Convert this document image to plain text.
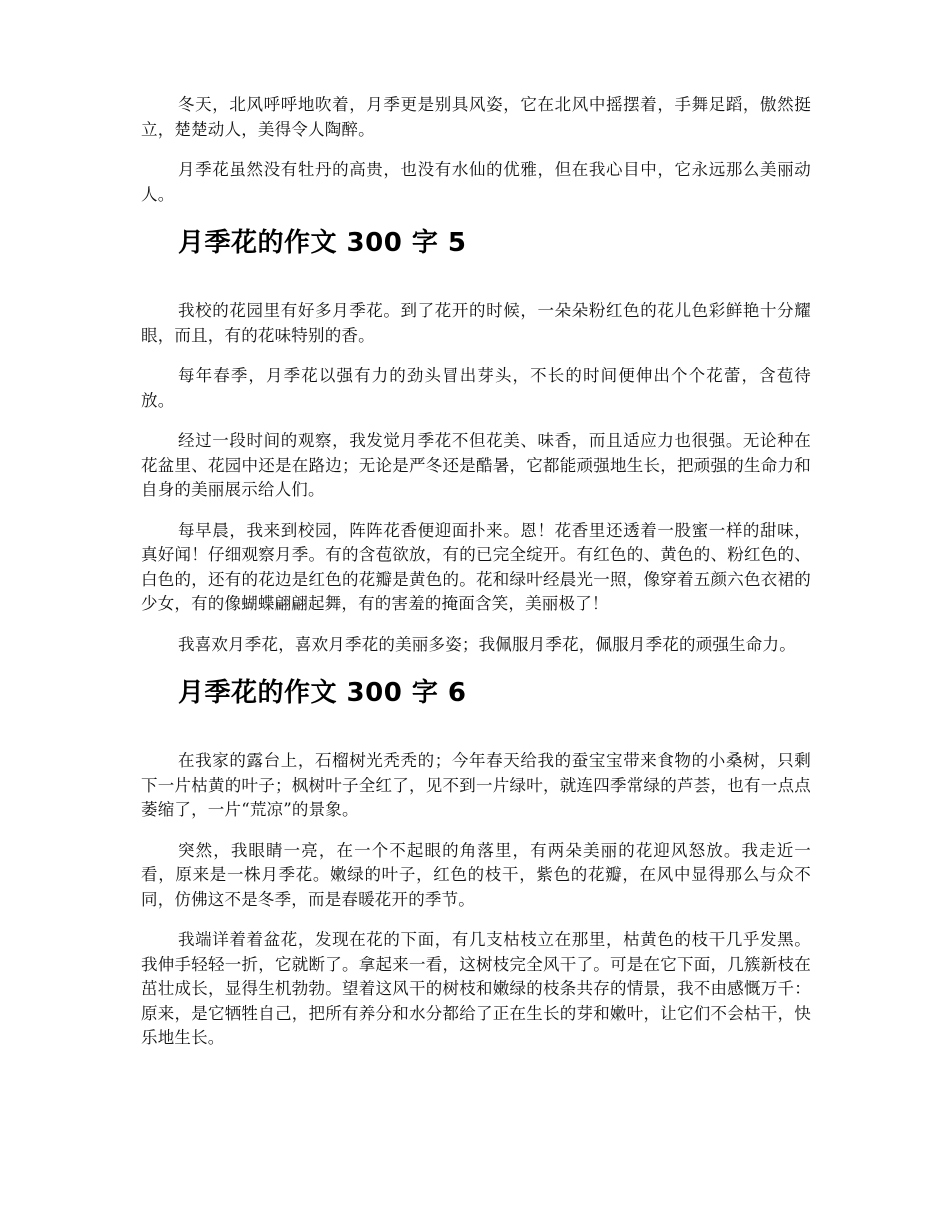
冬天，北风呼呼地吹着，月季更是别具风姿，它在北风中摇摆着，手舞足蹈，傲然挺立，楚楚动人，美得令人陶醉。

月季花虽然没有牡丹的高贵，也没有水仙的优雅，但在我心目中，它永远那么美丽动人。

月季花的作文 300 字 5

我校的花园里有好多月季花。到了花开的时候，一朵朵粉红色的花儿色彩鲜艳十分耀眼，而且，有的花味特别的香。

每年春季，月季花以强有力的劲头冒出芽头，不长的时间便伸出个个花蕾，含苞待放。

经过一段时间的观察，我发觉月季花不但花美、味香，而且适应力也很强。无论种在花盆里、花园中还是在路边；无论是严冬还是酷暑，它都能顽强地生长，把顽强的生命力和自身的美丽展示给人们。

每早晨，我来到校园，阵阵花香便迎面扑来。恩！花香里还透着一股蜜一样的甜味，真好闻！仔细观察月季。有的含苞欲放，有的已完全绽开。有红色的、黄色的、粉红色的、白色的，还有的花边是红色的花瓣是黄色的。花和绿叶经晨光一照，像穿着五颜六色衣裙的少女，有的像蝴蝶翩翩起舞，有的害羞的掩面含笑，美丽极了！

我喜欢月季花，喜欢月季花的美丽多姿；我佩服月季花，佩服月季花的顽强生命力。

月季花的作文 300 字 6

在我家的露台上，石榴树光秃秃的；今年春天给我的蚕宝宝带来食物的小桑树，只剩下一片枯黄的叶子；枫树叶子全红了，见不到一片绿叶，就连四季常绿的芦荟，也有一点点萎缩了，一片“荒凉”的景象。

突然，我眼睛一亮，在一个不起眼的角落里，有两朵美丽的花迎风怒放。我走近一看，原来是一株月季花。嫩绿的叶子，红色的枝干，紫色的花瓣，在风中显得那么与众不同，仿佛这不是冬季，而是春暖花开的季节。

我端详着着盆花，发现在花的下面，有几支枯枝立在那里，枯黄色的枝干几乎发黑。我伸手轻轻一折，它就断了。拿起来一看，这树枝完全风干了。可是在它下面，几簇新枝在茁壮成长，显得生机勃勃。望着这风干的树枝和嫩绿的枝条共存的情景，我不由感慨万千：原来，是它牺牲自己，把所有养分和水分都给了正在生长的芽和嫩叶，让它们不会枯干，快乐地生长。
